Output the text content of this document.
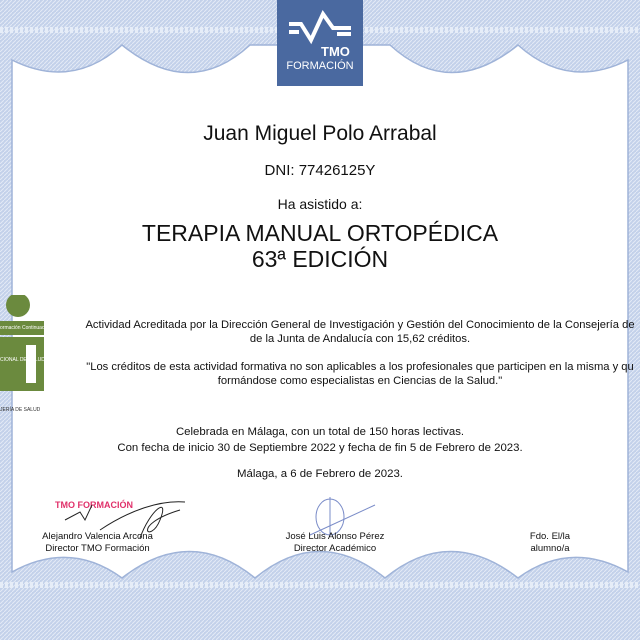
TMO
FORMACIÓN
Juan Miguel Polo Arrabal
DNI: 77426125Y
Ha asistido a:
TERAPIA MANUAL ORTOPÉDICA
63ª EDICIÓN
ormación Continuada
CIONAL DE SALUD
JERÍA DE SALUD
Actividad Acreditada por la Dirección General de Investigación y Gestión del Conocimiento de la Consejería de
de la Junta de Andalucía con 15,62 créditos.
"Los créditos de esta actividad formativa no son aplicables a los profesionales que participen en la misma y qu
formándose como especialistas en Ciencias de la Salud."
Celebrada en Málaga, con un total de 150 horas lectivas.
Con fecha de inicio 30 de Septiembre 2022 y fecha de fin 5 de Febrero de 2023.
Málaga, a 6 de Febrero de 2023.
TMO FORMACIÓN
Alejandro Valencia Arcona
Director TMO Formación
José Luis Alonso Pérez
Director Académico
Fdo. El/la
alumno/a
